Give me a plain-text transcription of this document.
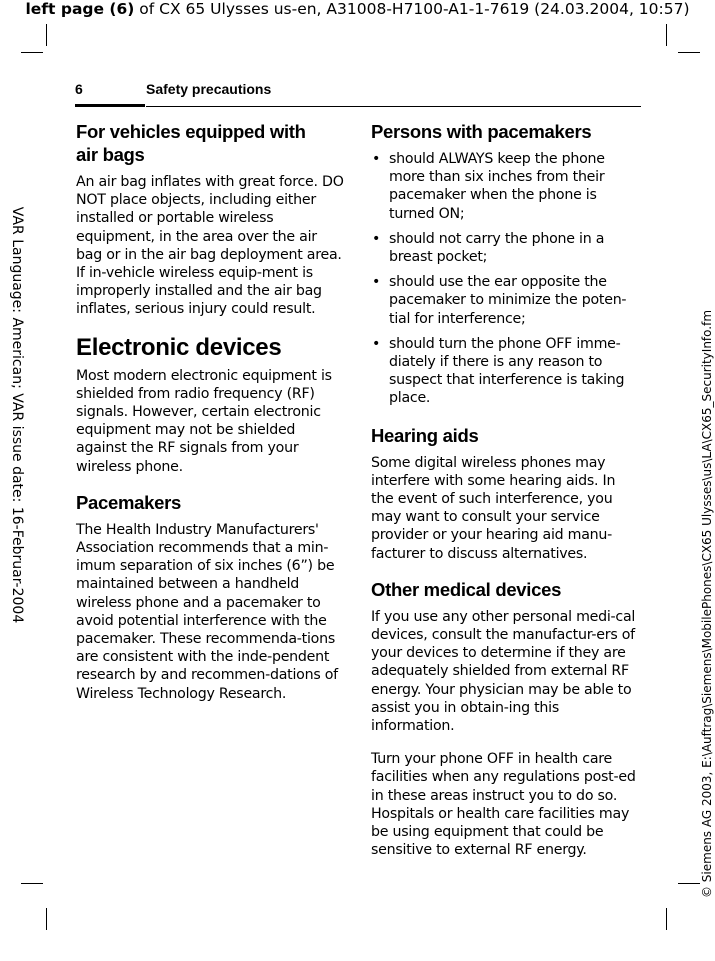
left page (6) of CX 65 Ulysses us-en, A31008-H7100-A1-1-7619 (24.03.2004, 10:57)
VAR Language: American; VAR issue date: 16-Februar-2004	© Siemens AG 2003, E:\Auftrag\Siemens\MobilePhones\CX65 Ulysses\us\LA\CX65_SecurityInfo.fm
6	Safety precautions
For vehicles equipped with
air bags

An air bag inflates with great force. DO NOT place objects, including either installed or portable wireless equipment, in the area over the air bag or in the air bag deployment area. If in-vehicle wireless equip-ment is improperly installed and the air bag inflates, serious injury could result.

Electronic devices

Most modern electronic equipment is shielded from radio frequency (RF) signals. However, certain electronic equipment may not be shielded against the RF signals from your wireless phone.

Pacemakers

The Health Industry Manufacturers' Association recommends that a min-imum separation of six inches (6”) be maintained between a handheld wireless phone and a pacemaker to avoid potential interference with the pacemaker. These recommenda-tions are consistent with the inde-pendent research by and recommen-dations of Wireless Technology Research.

Persons with pacemakers
• should ALWAYS keep the phone more than six inches from their pacemaker when the phone is turned ON;
• should not carry the phone in a breast pocket;
• should use the ear opposite the pacemaker to minimize the poten-tial for interference;
• should turn the phone OFF imme-diately if there is any reason to suspect that interference is taking place.
Hearing aids

Some digital wireless phones may interfere with some hearing aids. In the event of such interference, you may want to consult your service provider or your hearing aid manu-facturer to discuss alternatives.

Other medical devices

If you use any other personal medi-cal devices, consult the manufactur-ers of your devices to determine if they are adequately shielded from external RF energy. Your physician may be able to assist you in obtain-ing this information.

Turn your phone OFF in health care facilities when any regulations post-ed in these areas instruct you to do so. Hospitals or health care facilities may be using equipment that could be sensitive to external RF energy.
